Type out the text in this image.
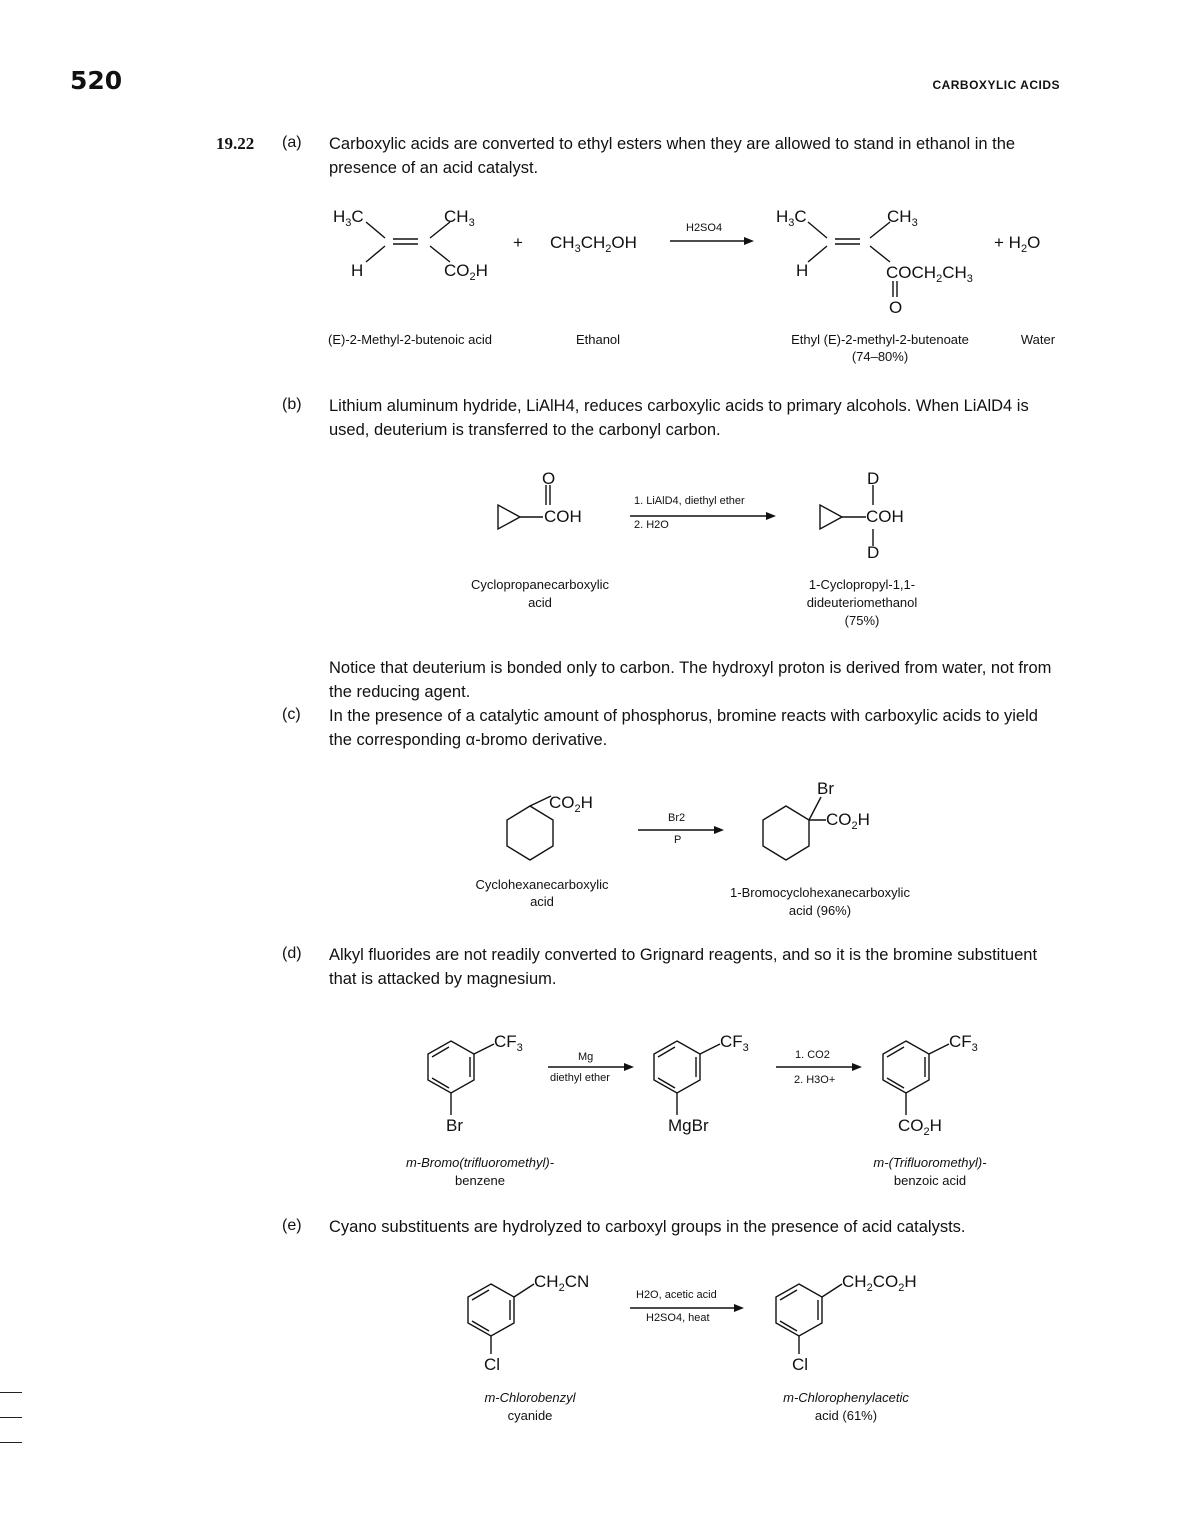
520	CARBOXYLIC ACIDS
19.22 (a) Carboxylic acids are converted to ethyl esters when they are allowed to stand in ethanol in the presence of an acid catalyst.
(b) Lithium aluminum hydride, LiAlH4, reduces carboxylic acids to primary alcohols. When LiAlD4 is used, deuterium is transferred to the carbonyl carbon.
Notice that deuterium is bonded only to carbon. The hydroxyl proton is derived from water, not from the reducing agent.
(c) In the presence of a catalytic amount of phosphorus, bromine reacts with carboxylic acids to yield the corresponding α-bromo derivative.
(d) Alkyl fluorides are not readily converted to Grignard reagents, and so it is the bromine substituent that is attacked by magnesium.
(e) Cyano substituents are hydrolyzed to carboxyl groups in the presence of acid catalysts.
$H_3C$	$CH_3$
H	$CO_2H$
+ $CH_3CH_2OH$
$H_3C$	$CH_3$
H	$COCH_2CH_3$
O
+ $H_2O$
O
COH
D
COH
D
$CO_2H$
Br
$CO_2H$
$CF_3$
Br
$CF_3$
MgBr
$CF_3$
$CO_2H$
$CH_2CN$
Cl
$CH_2CO_2H$
Cl
H2SO4
1. LiAlD4, diethyl ether
2. H2O
Br2
P
Mg
diethyl ether
1. CO2
2. H3O+
H2O, acetic acid
H2SO4, heat
(E)-2-Methyl-2-butenoic acid	Ethanol	Ethyl (E)-2-methyl-2-butenoate
(74–80%)
Water
Cyclopropanecarboxylic
acid
1-Cyclopropyl-1,1-
dideuteriomethanol
(75%)
Cyclohexanecarboxylic
acid
1-Bromocyclohexanecarboxylic
acid (96%)
m-Bromo(trifluoromethyl)-
benzene
m-(Trifluoromethyl)-
benzoic acid
m-Chlorobenzyl
cyanide
m-Chlorophenylacetic
acid (61%)
